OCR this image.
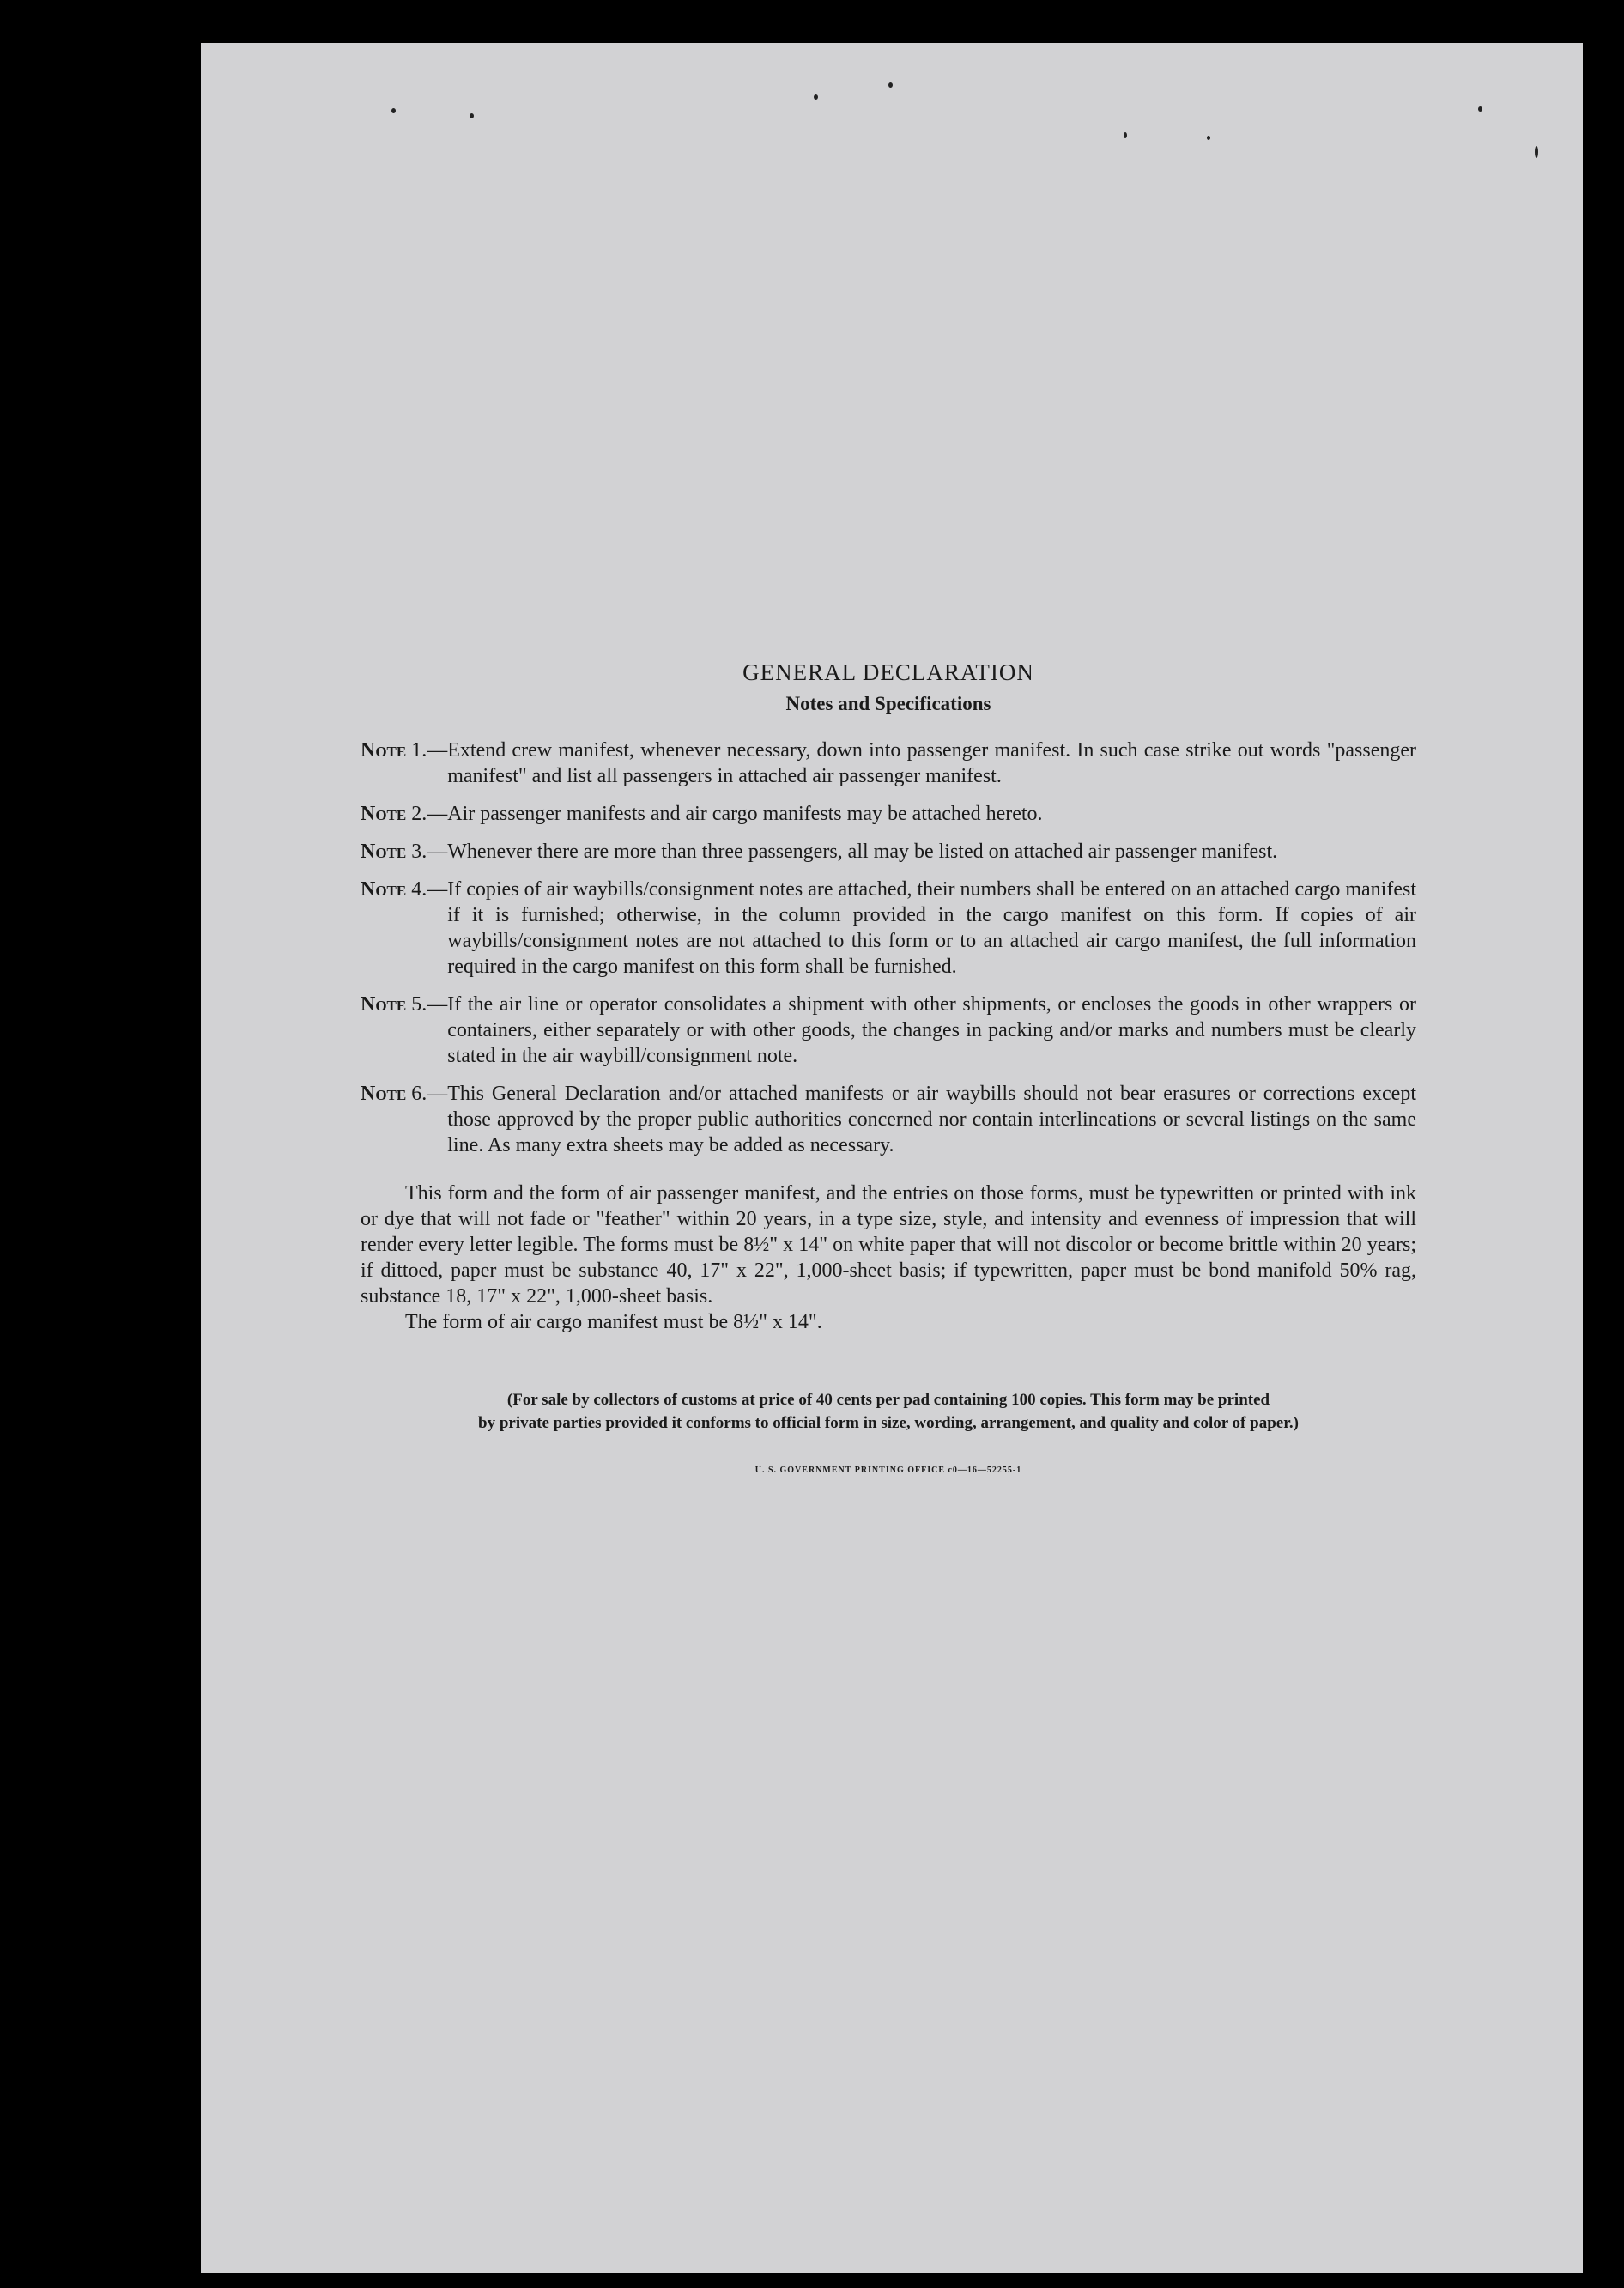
GENERAL DECLARATION
Notes and Specifications
Note 1.— Extend crew manifest, whenever necessary, down into passenger manifest. In such case strike out words "passenger manifest" and list all passengers in attached air passenger manifest.
Note 2.— Air passenger manifests and air cargo manifests may be attached hereto.
Note 3.— Whenever there are more than three passengers, all may be listed on attached air passenger manifest.
Note 4.— If copies of air waybills/consignment notes are attached, their numbers shall be entered on an attached cargo manifest if it is furnished; otherwise, in the column provided in the cargo manifest on this form. If copies of air waybills/consignment notes are not attached to this form or to an attached air cargo manifest, the full information required in the cargo manifest on this form shall be furnished.
Note 5.— If the air line or operator consolidates a shipment with other shipments, or encloses the goods in other wrappers or containers, either separately or with other goods, the changes in packing and/or marks and numbers must be clearly stated in the air waybill/consignment note.
Note 6.— This General Declaration and/or attached manifests or air waybills should not bear erasures or corrections except those approved by the proper public authorities concerned nor contain interlineations or several listings on the same line. As many extra sheets may be added as necessary.

This form and the form of air passenger manifest, and the entries on those forms, must be typewritten or printed with ink or dye that will not fade or "feather" within 20 years, in a type size, style, and intensity and evenness of impression that will render every letter legible. The forms must be 8½" x 14" on white paper that will not discolor or become brittle within 20 years; if dittoed, paper must be substance 40, 17" x 22", 1,000-sheet basis; if typewritten, paper must be bond manifold 50% rag, substance 18, 17" x 22", 1,000-sheet basis.

The form of air cargo manifest must be 8½" x 14".

(For sale by collectors of customs at price of 40 cents per pad containing 100 copies. This form may be printed
by private parties provided it conforms to official form in size, wording, arrangement, and quality and color of paper.)
U. S. GOVERNMENT PRINTING OFFICE c0—16—52255-1
